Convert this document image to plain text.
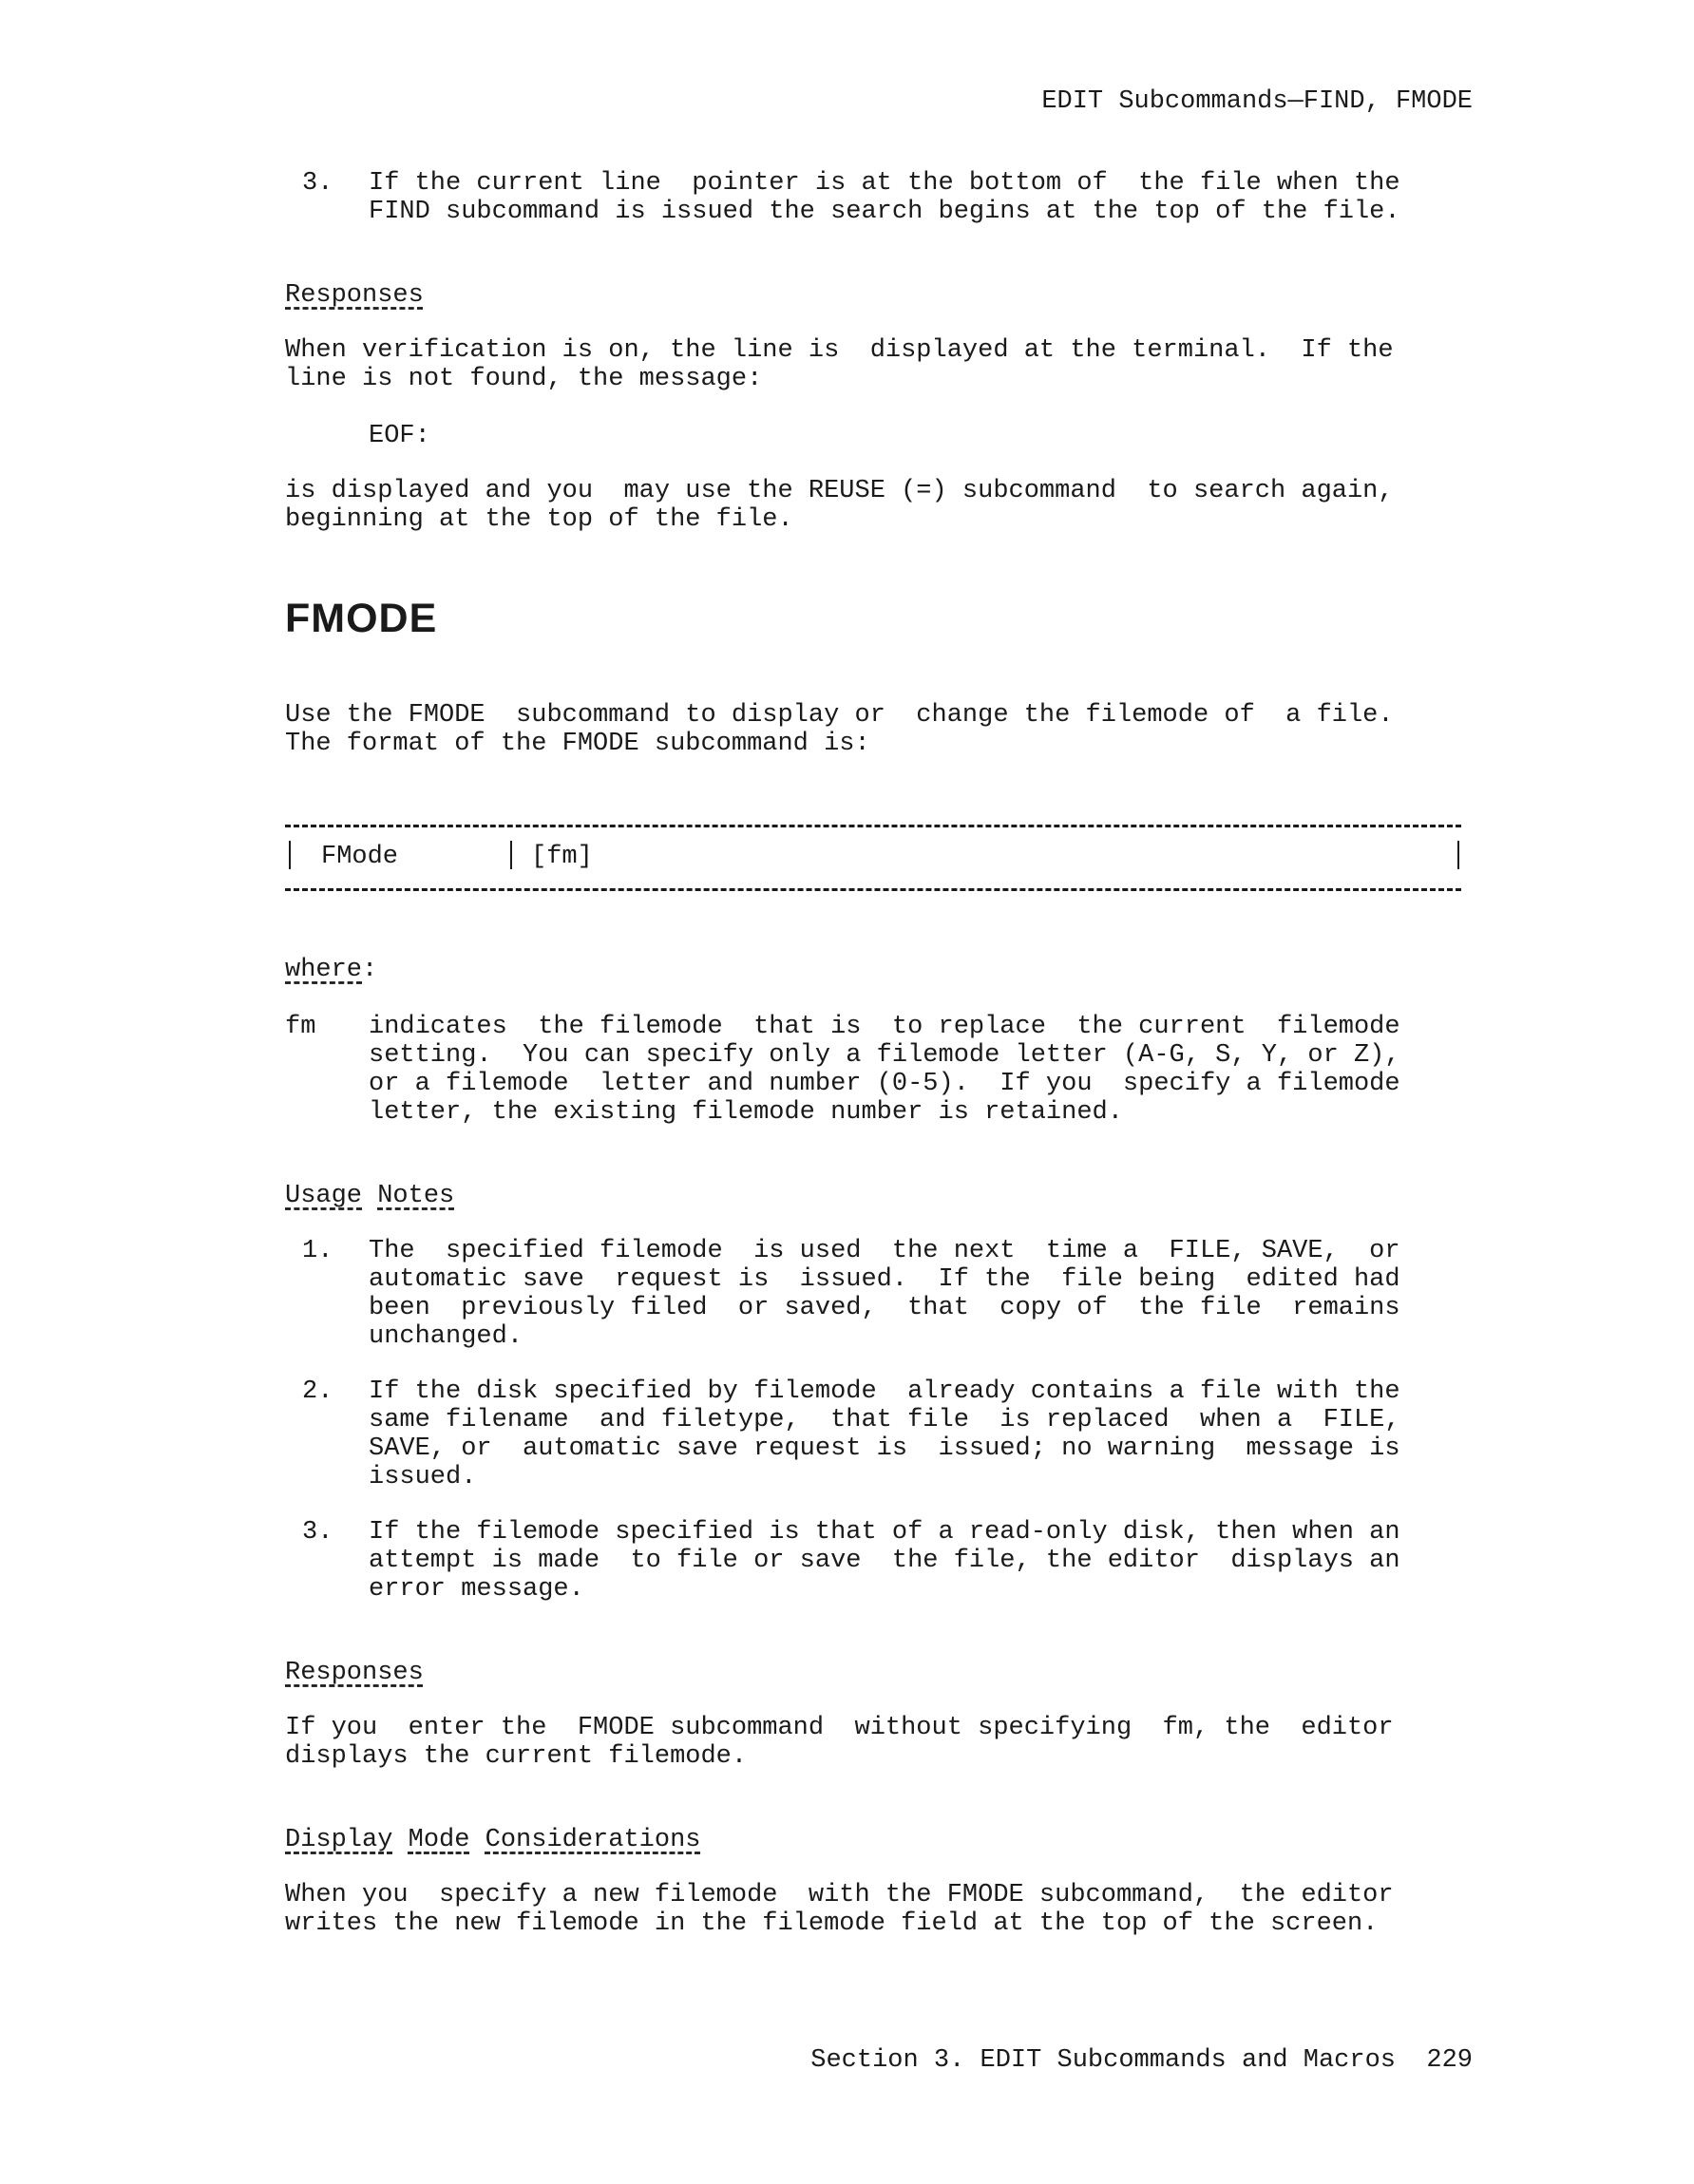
EDIT Subcommands—FIND, FMODE
3. If the current line  pointer is at the bottom of  the file when the
FIND subcommand is issued the search begins at the top of the file.
Responses
When verification is on, the line is  displayed at the terminal.  If the
line is not found, the message:
EOF:
is displayed and you  may use the REUSE (=) subcommand  to search again,
beginning at the top of the file.
FMODE
Use the FMODE  subcommand to display or  change the filemode of  a file.
The format of the FMODE subcommand is:
FMode	[fm]
where:
fm indicates  the filemode  that is  to replace  the current  filemode
setting.  You can specify only a filemode letter (A-G, S, Y, or Z),
or a filemode  letter and number (0-5).  If you  specify a filemode
letter, the existing filemode number is retained.
Usage Notes
1. The  specified filemode  is used  the next  time a  FILE, SAVE,  or
automatic save  request is  issued.  If the  file being  edited had
been  previously filed  or saved,  that  copy of  the file  remains
unchanged.
2. If the disk specified by filemode  already contains a file with the
same filename  and filetype,  that file  is replaced  when a  FILE,
SAVE, or  automatic save request is  issued; no warning  message is
issued.
3. If the filemode specified is that of a read-only disk, then when an
attempt is made  to file or save  the file, the editor  displays an
error message.
Responses
If you  enter the  FMODE subcommand  without specifying  fm, the  editor
displays the current filemode.
Display Mode Considerations
When you  specify a new filemode  with the FMODE subcommand,  the editor
writes the new filemode in the filemode field at the top of the screen.
Section 3. EDIT Subcommands and Macros 229
